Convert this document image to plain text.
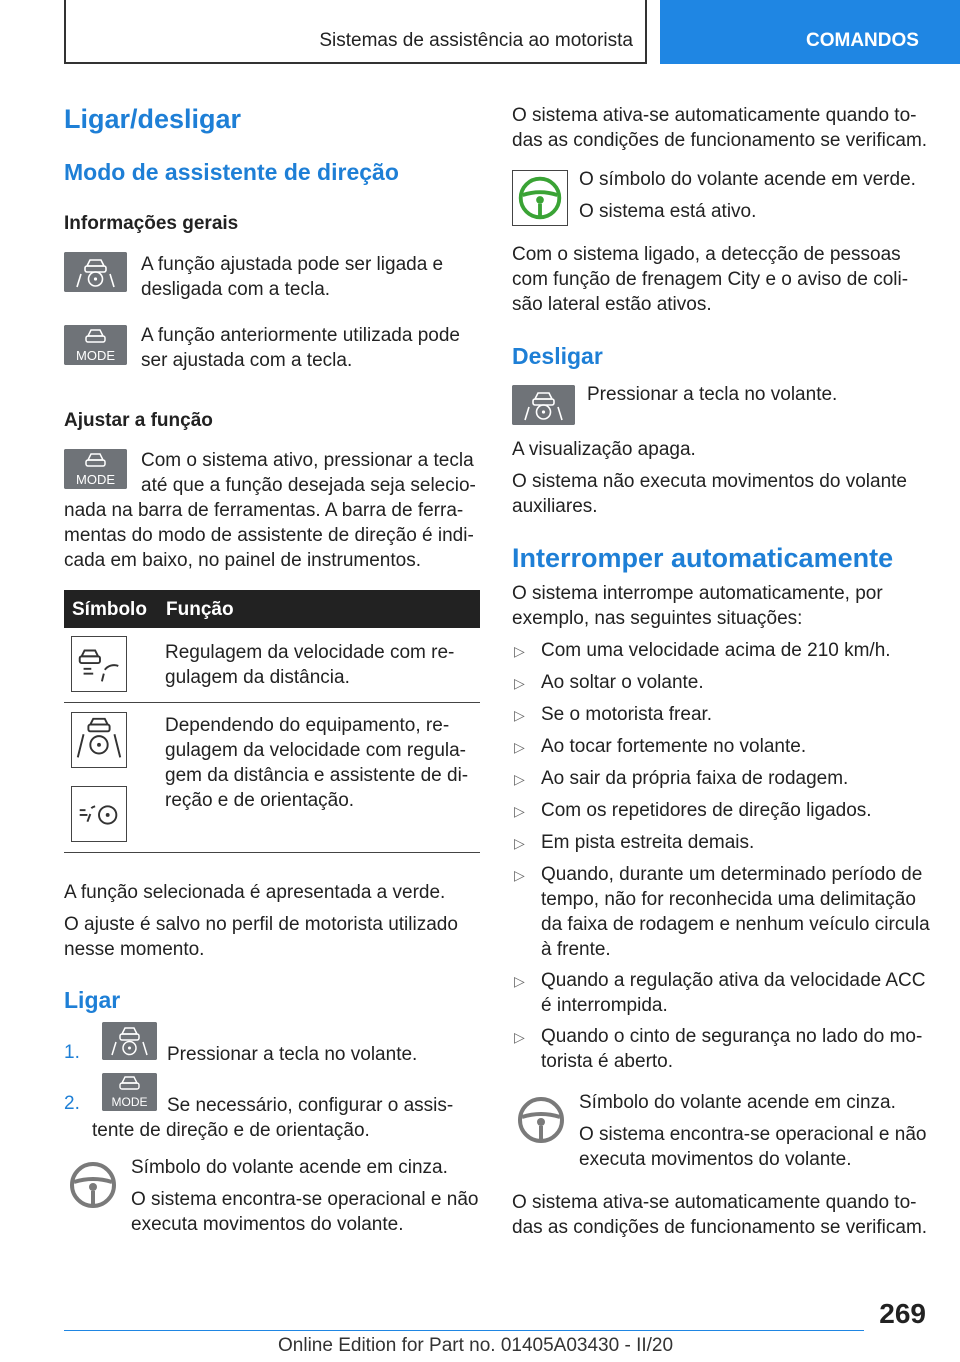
Sistemas de assistência ao motorista	COMANDOS
Ligar/desligar
Modo de assistente de direção
Informações gerais
A função ajustada pode ser ligada e
desligada com a tecla.
MODE
A função anteriormente utilizada pode
ser ajustada com a tecla.
Ajustar a função
MODE
Com o sistema ativo, pressionar a tecla
até que a função desejada seja selecio-
nada na barra de ferramentas. A barra de ferra-
mentas do modo de assistente de direção é indi-
cada em baixo, no painel de instrumentos.
Símbolo Função
Regulagem da velocidade com re-
gulagem da distância.
Dependendo do equipamento, re-
gulagem da velocidade com regula-
gem da distância e assistente de di-
reção e de orientação.
A função selecionada é apresentada a verde.
O ajuste é salvo no perfil de motorista utilizado
nesse momento.
Ligar
1.	Pressionar a tecla no volante.
2.	MODE Se necessário, configurar o assis-
tente de direção e de orientação.
Símbolo do volante acende em cinza.
O sistema encontra-se operacional e não
executa movimentos do volante.
O sistema ativa-se automaticamente quando to-
das as condições de funcionamento se verificam.
O símbolo do volante acende em verde.
O sistema está ativo.
Com o sistema ligado, a detecção de pessoas
com função de frenagem City e o aviso de coli-
são lateral estão ativos.
Desligar
Pressionar a tecla no volante.
A visualização apaga.
O sistema não executa movimentos do volante
auxiliares.
Interromper automaticamente
O sistema interrompe automaticamente, por
exemplo, nas seguintes situações:
▷ Com uma velocidade acima de 210 km/h.
▷ Ao soltar o volante.
▷ Se o motorista frear.
▷ Ao tocar fortemente no volante.
▷ Ao sair da própria faixa de rodagem.
▷ Com os repetidores de direção ligados.
▷ Em pista estreita demais.
▷ Quando, durante um determinado período de
tempo, não for reconhecida uma delimitação
da faixa de rodagem e nenhum veículo circula
à frente.
▷ Quando a regulação ativa da velocidade ACC
é interrompida.
▷ Quando o cinto de segurança no lado do mo-
torista é aberto.
Símbolo do volante acende em cinza.
O sistema encontra-se operacional e não
executa movimentos do volante.
O sistema ativa-se automaticamente quando to-
das as condições de funcionamento se verificam.
269
Online Edition for Part no. 01405A03430 - II/20
